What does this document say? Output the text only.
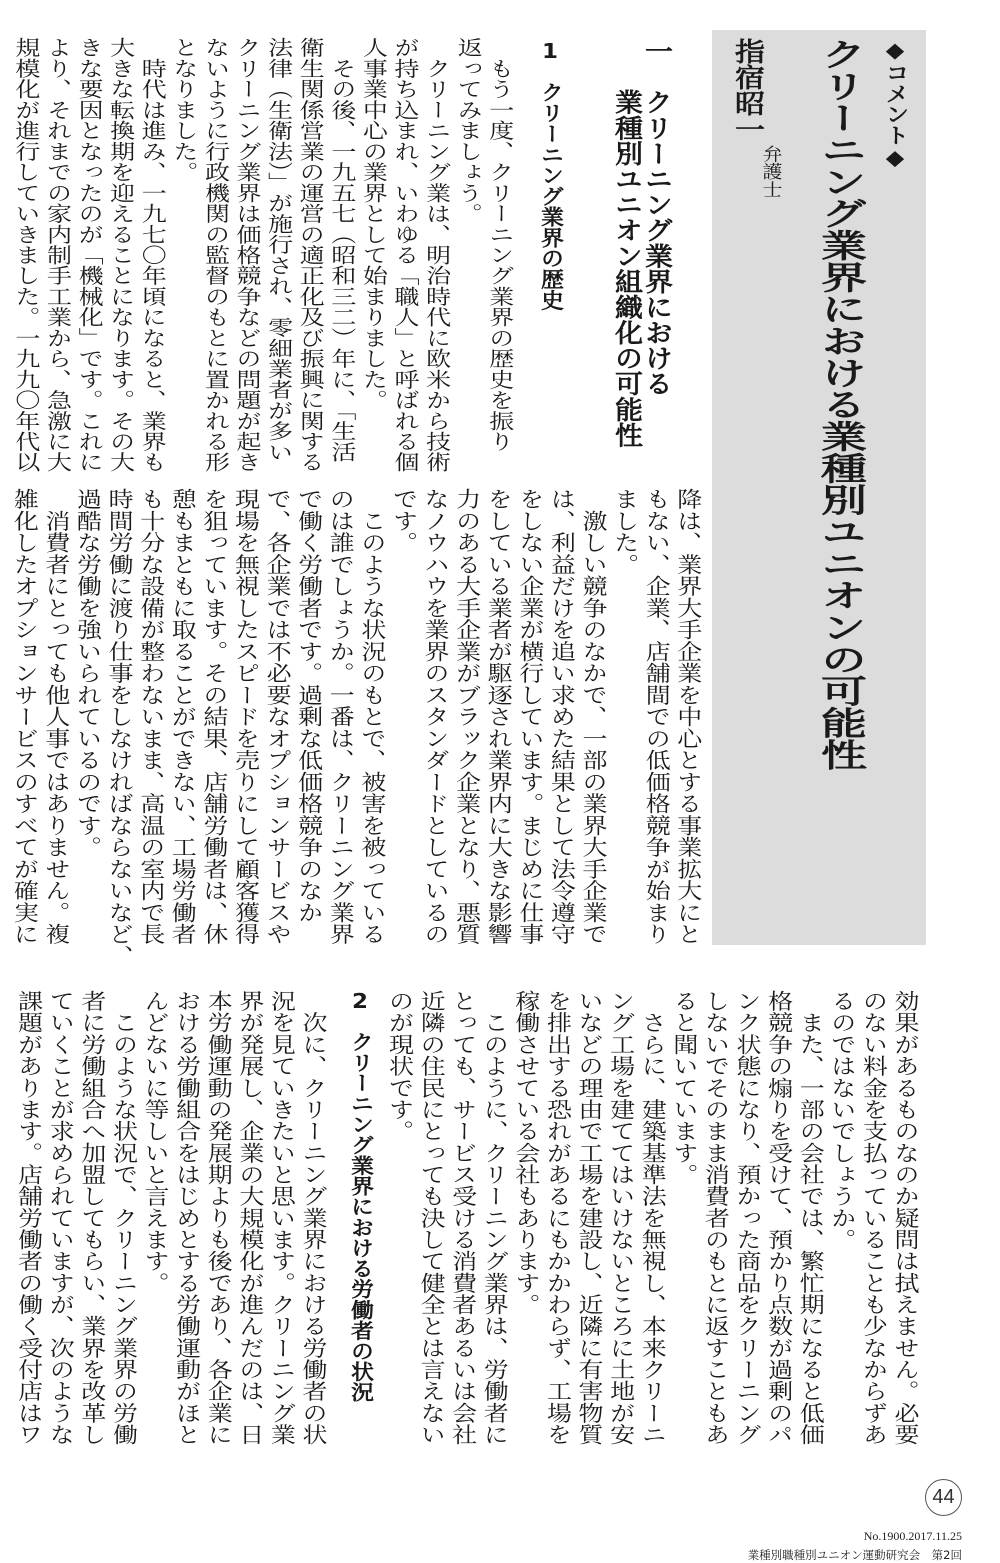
◆コメント◆
クリーニング業界における業種別ユニオンの可能性
指宿昭一
弁護士
一クリーニング業界における
業種別ユニオン組織化の可能性
1クリーニング業界の歴史
もう一度、クリーニング業界の歴史を振り
返ってみましょう。
クリーニング業は、明治時代に欧米から技術
が持ち込まれ、いわゆる「職人」と呼ばれる個
人事業中心の業界として始まりました。
その後、一九五七（昭和三二）年に、「生活
衛生関係営業の運営の適正化及び振興に関する
法律（生衛法）」が施行され、零細業者が多い
クリーニング業界は価格競争などの問題が起き
ないように行政機関の監督のもとに置かれる形
となりました。
時代は進み、一九七〇年頃になると、業界も
大きな転換期を迎えることになります。その大
きな要因となったのが「機械化」です。これに
より、それまでの家内制手工業から、急激に大
規模化が進行していきました。一九九〇年代以
降は、業界大手企業を中心とする事業拡大にと
もない、企業、店舗間での低価格競争が始まり
ました。
激しい競争のなかで、一部の業界大手企業で
は、利益だけを追い求めた結果として法令遵守
をしない企業が横行しています。まじめに仕事
をしている業者が駆逐され業界内に大きな影響
力のある大手企業がブラック企業となり、悪質
なノウハウを業界のスタンダードとしているの
です。
このような状況のもとで、被害を被っている
のは誰でしょうか。一番は、クリーニング業界
で働く労働者です。過剰な低価格競争のなか
で、各企業では不必要なオプションサービスや
現場を無視したスピードを売りにして顧客獲得
を狙っています。その結果、店舗労働者は、休
憩もまともに取ることができない、工場労働者
も十分な設備が整わないまま、高温の室内で長
時間労働に渡り仕事をしなければならないなど、
過酷な労働を強いられているのです。
消費者にとっても他人事ではありません。複
雑化したオプションサービスのすべてが確実に
効果があるものなのか疑問は拭えません。必要
のない料金を支払っていることも少なからずあ
るのではないでしょうか。
また、一部の会社では、繁忙期になると低価
格競争の煽りを受けて、預かり点数が過剰のパ
ンク状態になり、預かった商品をクリーニング
しないでそのまま消費者のもとに返すこともあ
ると聞いています。
さらに、建築基準法を無視し、本来クリーニ
ング工場を建ててはいけないところに土地が安
いなどの理由で工場を建設し、近隣に有害物質
を排出する恐れがあるにもかかわらず、工場を
稼働させている会社もあります。
このように、クリーニング業界は、労働者に
とっても、サービス受ける消費者あるいは会社
近隣の住民にとっても決して健全とは言えない
のが現状です。
2クリーニング業界における労働者の状況
次に、クリーニング業界における労働者の状
況を見ていきたいと思います。クリーニング業
界が発展し、企業の大規模化が進んだのは、日
本労働運動の発展期よりも後であり、各企業に
おける労働組合をはじめとする労働運動がほと
んどないに等しいと言えます。
このような状況で、クリーニング業界の労働
者に労働組合へ加盟してもらい、業界を改革し
ていくことが求められていますが、次のような
課題があります。店舗労働者の働く受付店はワ
44
No.1900.2017.11.25
業種別職種別ユニオン運動研究会　第2回
